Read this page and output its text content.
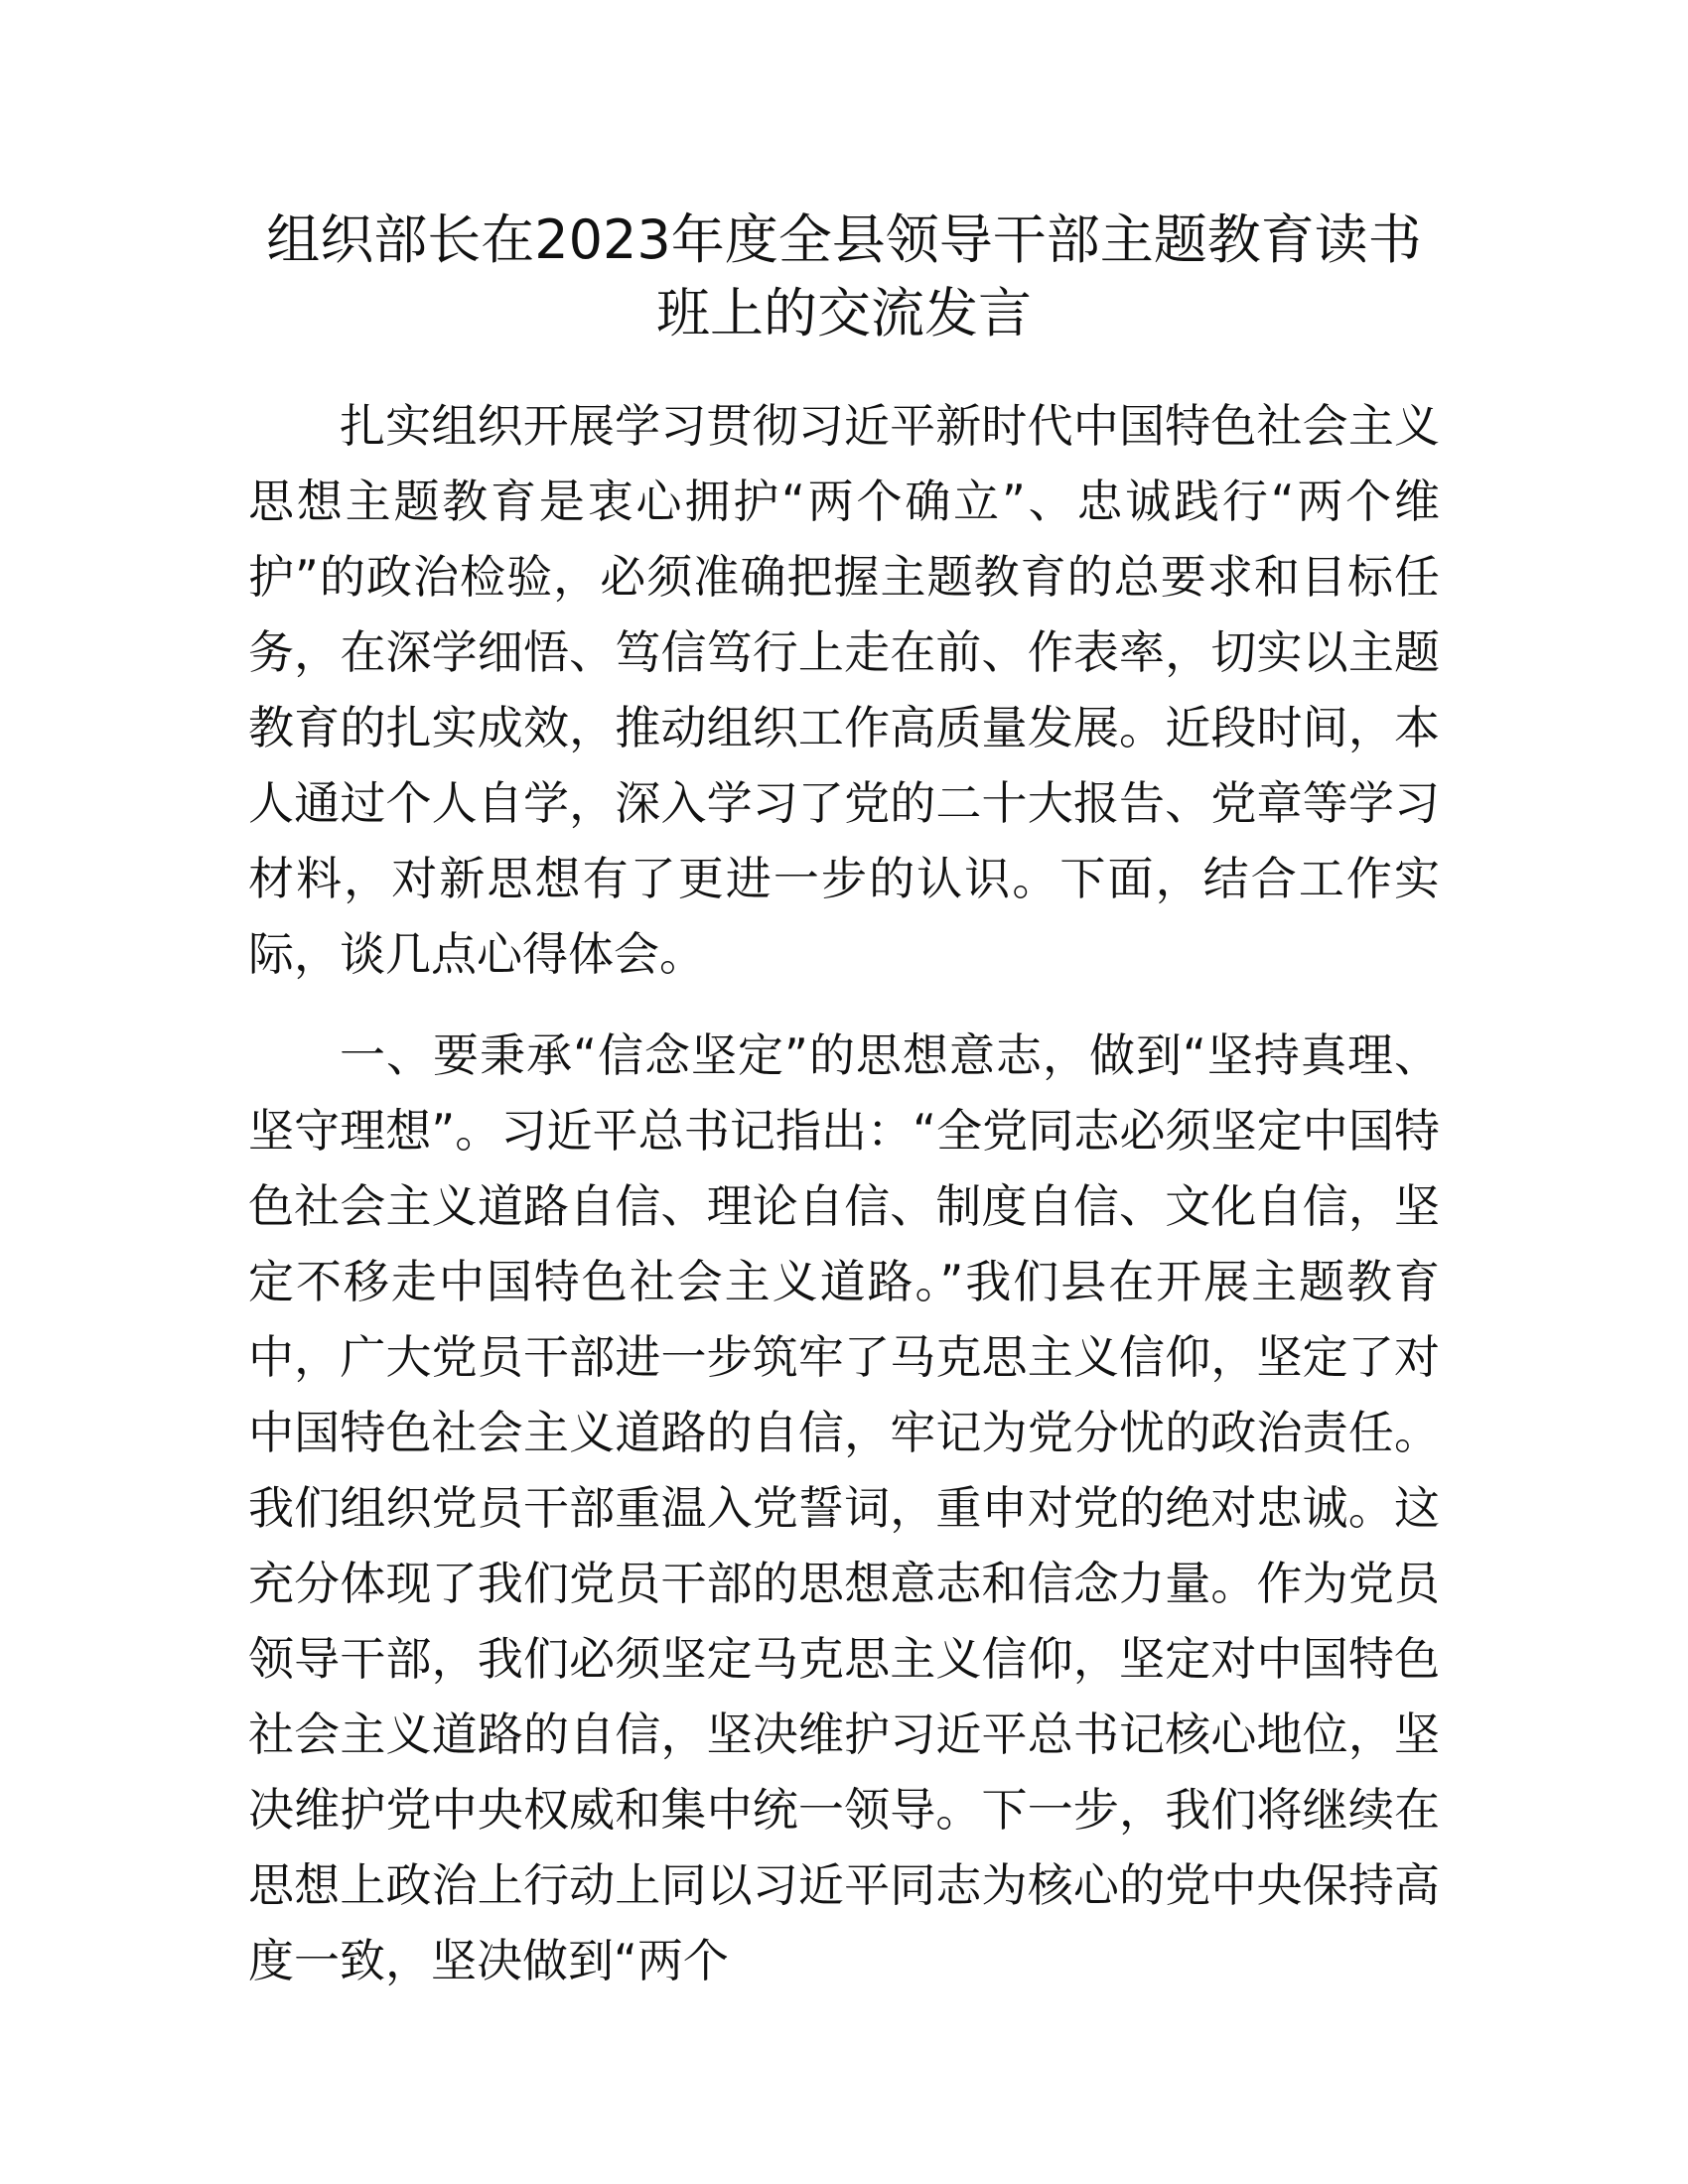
组织部长在2023年度全县领导干部主题教育读书班上的交流发言

扎实组织开展学习贯彻习近平新时代中国特色社会主义思想主题教育是衷心拥护“两个确立”、忠诚践行“两个维护”的政治检验，必须准确把握主题教育的总要求和目标任务，在深学细悟、笃信笃行上走在前、作表率，切实以主题教育的扎实成效，推动组织工作高质量发展。近段时间，本人通过个人自学，深入学习了党的二十大报告、党章等学习材料，对新思想有了更进一步的认识。下面，结合工作实际，谈几点心得体会。

一、要秉承“信念坚定”的思想意志，做到“坚持真理、坚守理想”。习近平总书记指出：“全党同志必须坚定中国特色社会主义道路自信、理论自信、制度自信、文化自信，坚定不移走中国特色社会主义道路。”我们县在开展主题教育中，广大党员干部进一步筑牢了马克思主义信仰，坚定了对中国特色社会主义道路的自信，牢记为党分忧的政治责任。我们组织党员干部重温入党誓词，重申对党的绝对忠诚。这充分体现了我们党员干部的思想意志和信念力量。作为党员领导干部，我们必须坚定马克思主义信仰，坚定对中国特色社会主义道路的自信，坚决维护习近平总书记核心地位，坚决维护党中央权威和集中统一领导。下一步，我们将继续在思想上政治上行动上同以习近平同志为核心的党中央保持高度一致，坚决做到“两个
